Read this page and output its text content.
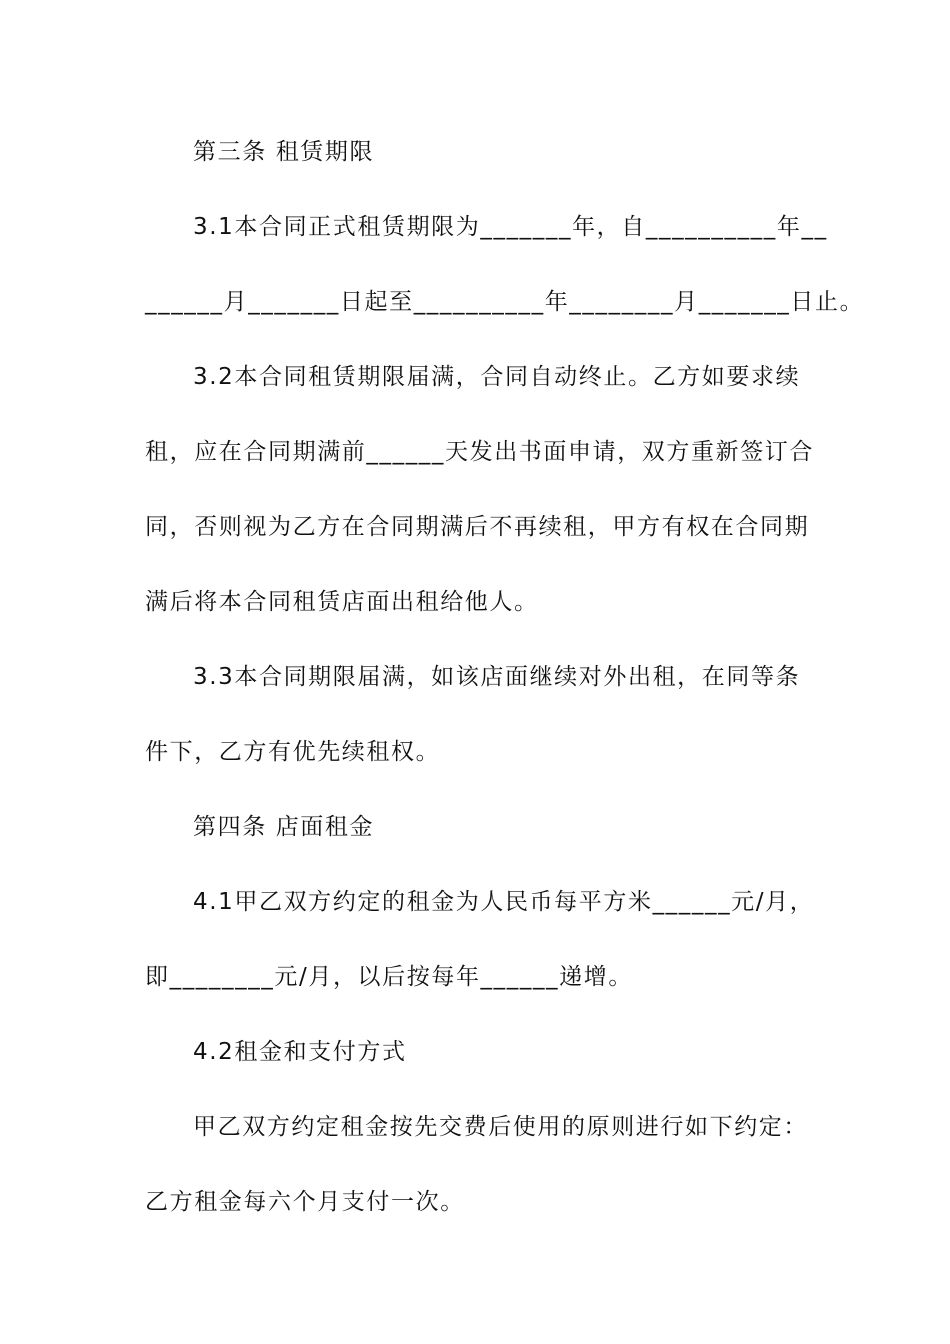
第三条 租赁期限
3.1本合同正式租赁期限为_______年，自__________年__
______月_______日起至__________年________月_______日止。
3.2本合同租赁期限届满，合同自动终止。乙方如要求续
租，应在合同期满前______天发出书面申请，双方重新签订合
同，否则视为乙方在合同期满后不再续租，甲方有权在合同期
满后将本合同租赁店面出租给他人。
3.3本合同期限届满，如该店面继续对外出租，在同等条
件下，乙方有优先续租权。
第四条 店面租金
4.1甲乙双方约定的租金为人民币每平方米______元/月，
即________元/月，以后按每年______递增。
4.2租金和支付方式
甲乙双方约定租金按先交费后使用的原则进行如下约定：
乙方租金每六个月支付一次。
